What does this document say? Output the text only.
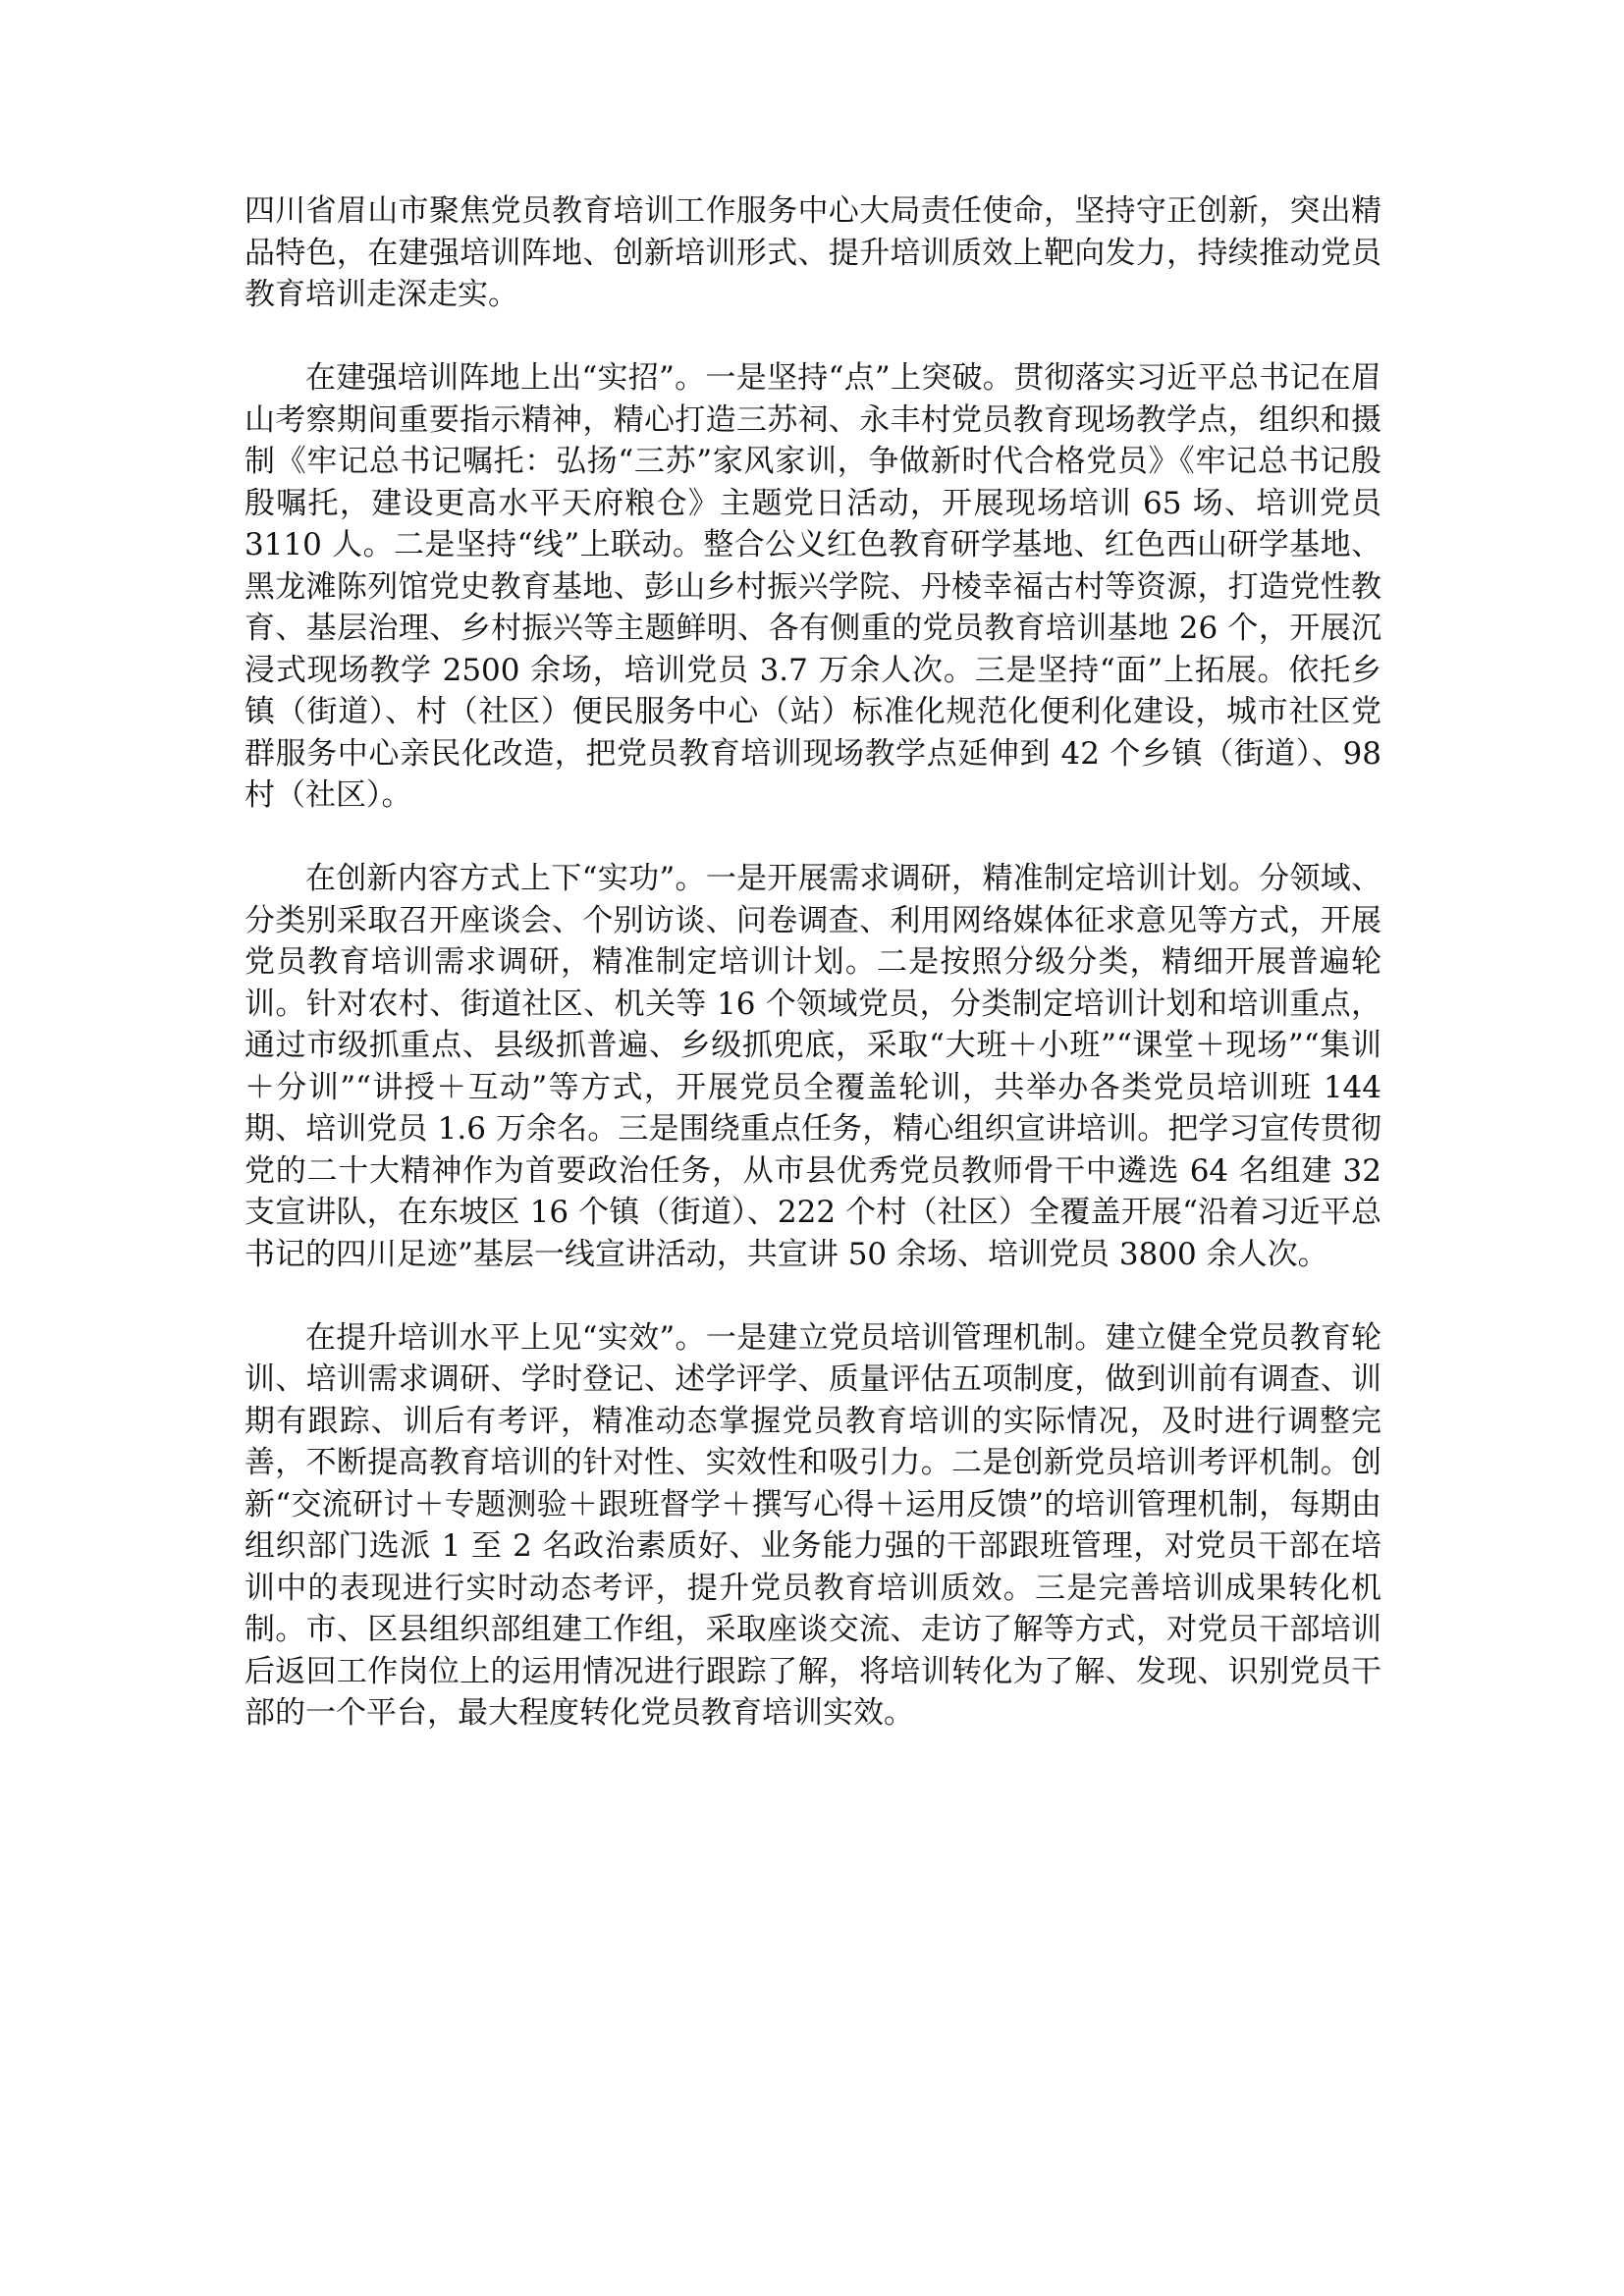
四川省眉山市聚焦党员教育培训工作服务中心大局责任使命，坚持守正创新，突出精品特色，在建强培训阵地、创新培训形式、提升培训质效上靶向发力，持续推动党员教育培训走深走实。

在建强培训阵地上出“实招”。一是坚持“点”上突破。贯彻落实习近平总书记在眉山考察期间重要指示精神，精心打造三苏祠、永丰村党员教育现场教学点，组织和摄制《牢记总书记嘱托：弘扬“三苏”家风家训，争做新时代合格党员》《牢记总书记殷殷嘱托，建设更高水平天府粮仓》主题党日活动，开展现场培训 65 场、培训党员 3110 人。二是坚持“线”上联动。整合公义红色教育研学基地、红色西山研学基地、黑龙滩陈列馆党史教育基地、彭山乡村振兴学院、丹棱幸福古村等资源，打造党性教育、基层治理、乡村振兴等主题鲜明、各有侧重的党员教育培训基地 26 个，开展沉浸式现场教学 2500 余场，培训党员 3.7 万余人次。三是坚持“面”上拓展。依托乡镇（街道）、村（社区）便民服务中心（站）标准化规范化便利化建设，城市社区党群服务中心亲民化改造，把党员教育培训现场教学点延伸到 42 个乡镇（街道）、98 村（社区）。

在创新内容方式上下“实功”。一是开展需求调研，精准制定培训计划。分领域、分类别采取召开座谈会、个别访谈、问卷调查、利用网络媒体征求意见等方式，开展党员教育培训需求调研，精准制定培训计划。二是按照分级分类，精细开展普遍轮训。针对农村、街道社区、机关等 16 个领域党员，分类制定培训计划和培训重点，通过市级抓重点、县级抓普遍、乡级抓兜底，采取“大班＋小班”“课堂＋现场”“集训＋分训”“讲授＋互动”等方式，开展党员全覆盖轮训，共举办各类党员培训班 144 期、培训党员 1.6 万余名。三是围绕重点任务，精心组织宣讲培训。把学习宣传贯彻党的二十大精神作为首要政治任务，从市县优秀党员教师骨干中遴选 64 名组建 32 支宣讲队，在东坡区 16 个镇（街道）、222 个村（社区）全覆盖开展“沿着习近平总书记的四川足迹”基层一线宣讲活动，共宣讲 50 余场、培训党员 3800 余人次。

在提升培训水平上见“实效”。一是建立党员培训管理机制。建立健全党员教育轮训、培训需求调研、学时登记、述学评学、质量评估五项制度，做到训前有调查、训期有跟踪、训后有考评，精准动态掌握党员教育培训的实际情况，及时进行调整完善，不断提高教育培训的针对性、实效性和吸引力。二是创新党员培训考评机制。创新“交流研讨＋专题测验＋跟班督学＋撰写心得＋运用反馈”的培训管理机制，每期由组织部门选派 1 至 2 名政治素质好、业务能力强的干部跟班管理，对党员干部在培训中的表现进行实时动态考评，提升党员教育培训质效。三是完善培训成果转化机制。市、区县组织部组建工作组，采取座谈交流、走访了解等方式，对党员干部培训后返回工作岗位上的运用情况进行跟踪了解，将培训转化为了解、发现、识别党员干部的一个平台，最大程度转化党员教育培训实效。
